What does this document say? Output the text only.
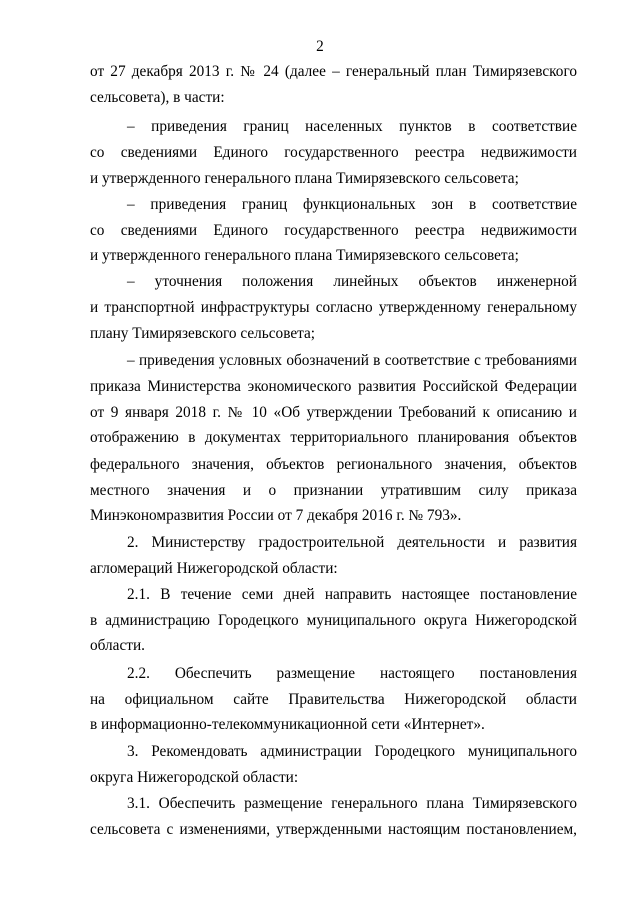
2
от 27 декабря 2013 г. № 24 (далее – генеральный план Тимирязевского
сельсовета), в части:
– приведения границ населенных пунктов в соответствие
со сведениями Единого государственного реестра недвижимости
и утвержденного генерального плана Тимирязевского сельсовета;
– приведения границ функциональных зон в соответствие
со сведениями Единого государственного реестра недвижимости
и утвержденного генерального плана Тимирязевского сельсовета;
– уточнения положения линейных объектов инженерной
и транспортной инфраструктуры согласно утвержденному генеральному
плану Тимирязевского сельсовета;
– приведения условных обозначений в соответствие с требованиями
приказа Министерства экономического развития Российской Федерации
от 9 января 2018 г. № 10 «Об утверждении Требований к описанию и
отображению в документах территориального планирования объектов
федерального значения, объектов регионального значения, объектов
местного значения и о признании утратившим силу приказа
Минэкономразвития России от 7 декабря 2016 г. № 793».
2. Министерству градостроительной деятельности и развития
агломераций Нижегородской области:
2.1. В течение семи дней направить настоящее постановление
в администрацию Городецкого муниципального округа Нижегородской
области.
2.2. Обеспечить размещение настоящего постановления
на официальном сайте Правительства Нижегородской области
в информационно-телекоммуникационной сети «Интернет».
3. Рекомендовать администрации Городецкого муниципального
округа Нижегородской области:
3.1. Обеспечить размещение генерального плана Тимирязевского
сельсовета с изменениями, утвержденными настоящим постановлением,
